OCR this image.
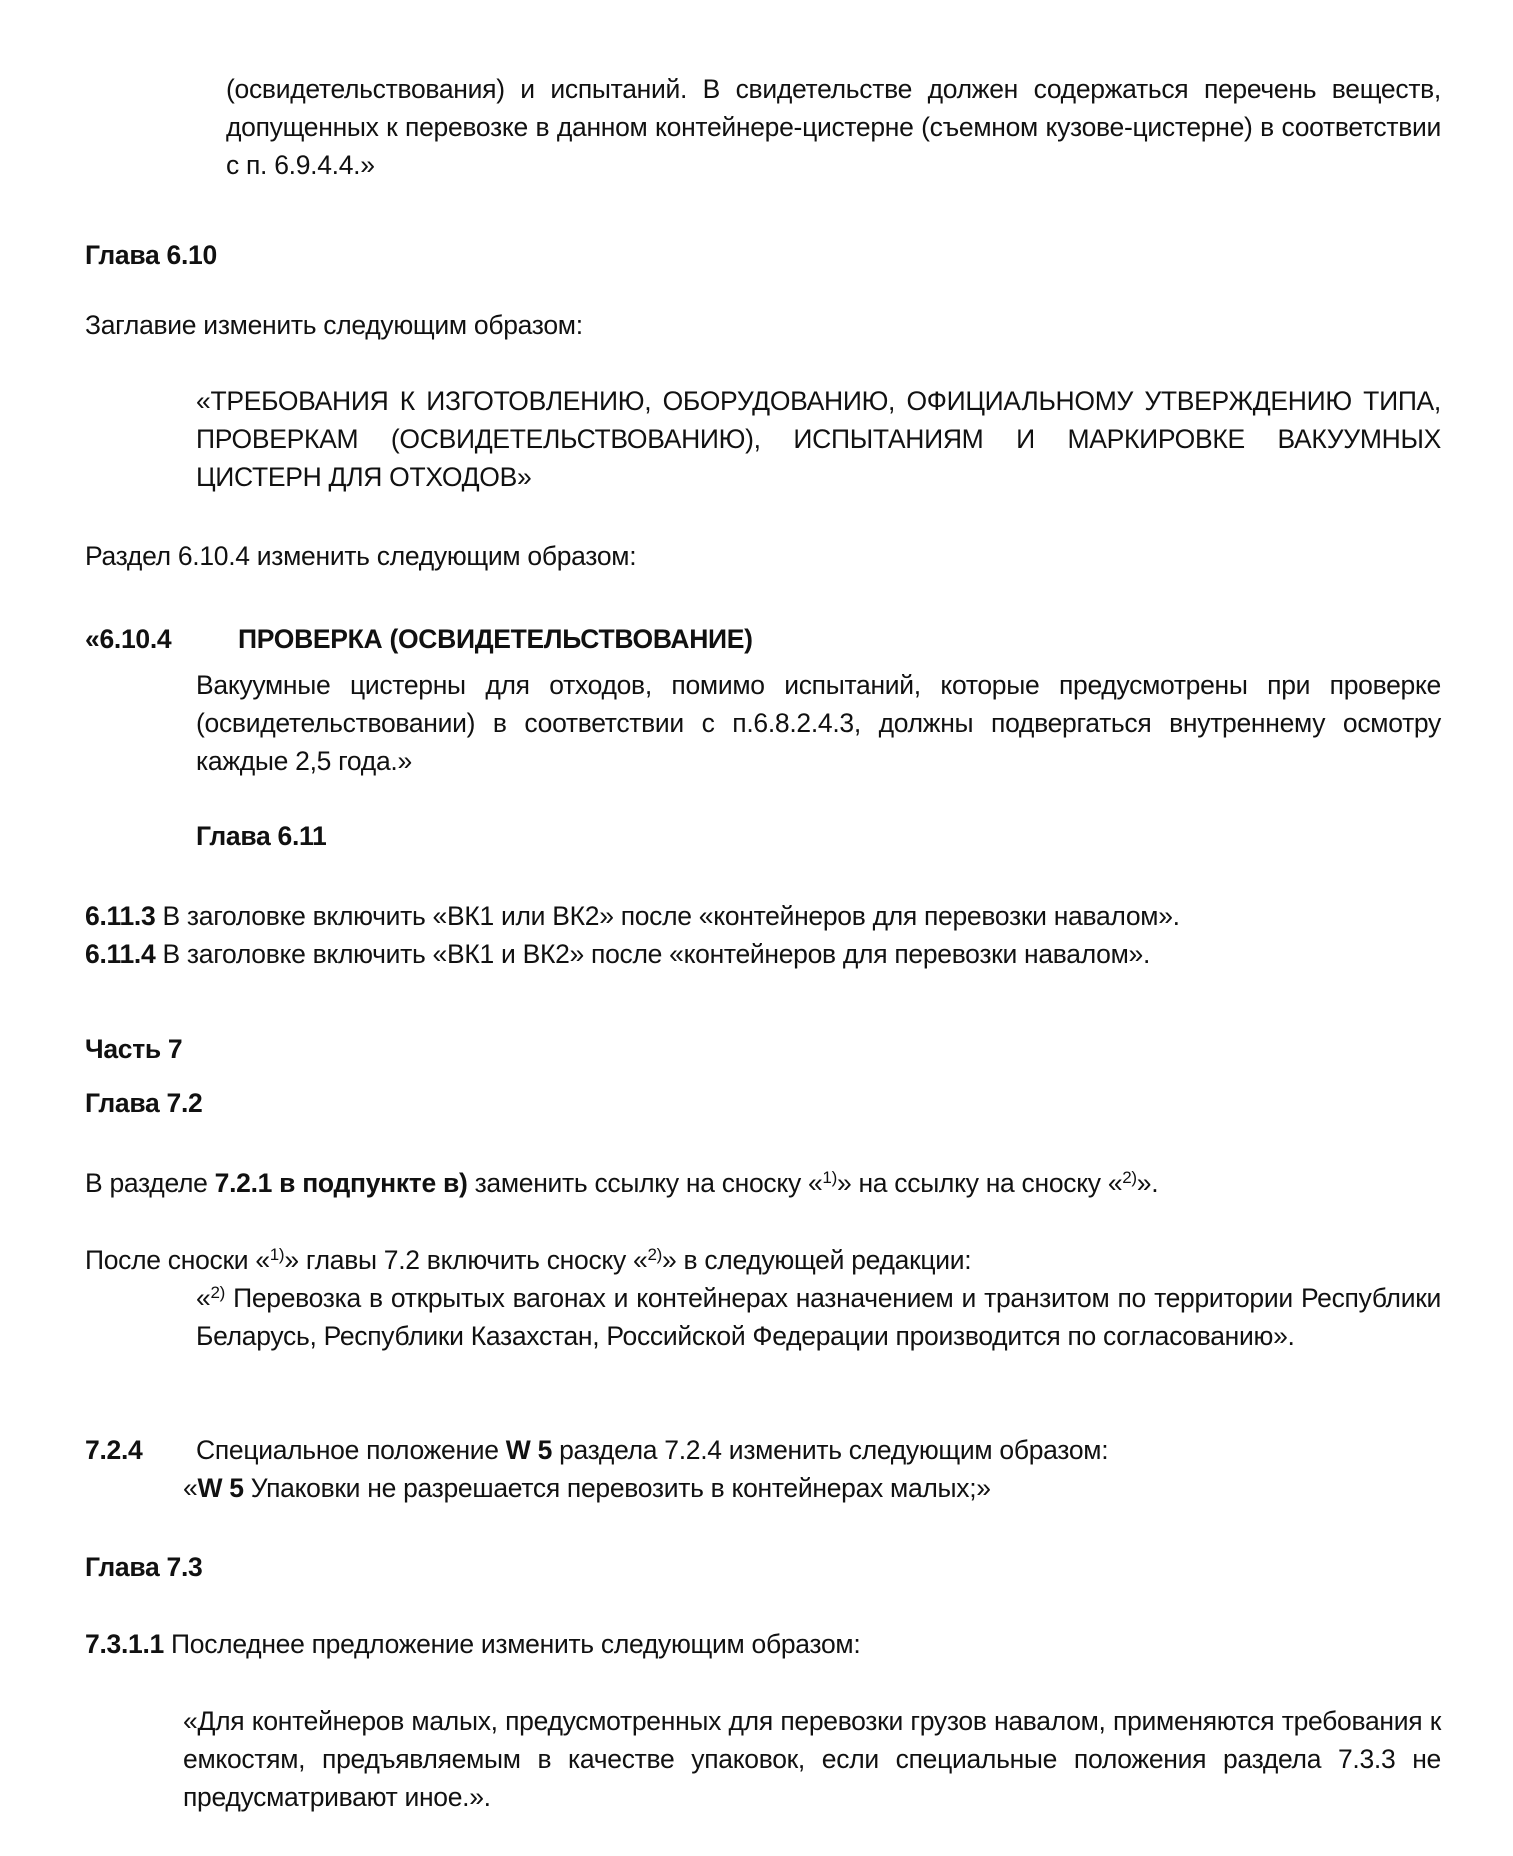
(освидетельствования) и испытаний. В свидетельстве должен содержаться перечень веществ, допущенных к перевозке в данном контейнере-цистерне (съемном кузове-цистерне) в соответствии с п. 6.9.4.4.»
Глава 6.10
Заглавие изменить следующим образом:
«ТРЕБОВАНИЯ К ИЗГОТОВЛЕНИЮ, ОБОРУДОВАНИЮ, ОФИЦИАЛЬНОМУ УТВЕРЖДЕНИЮ ТИПА, ПРОВЕРКАМ (ОСВИДЕТЕЛЬСТВОВАНИЮ), ИСПЫТАНИЯМ И МАРКИРОВКЕ ВАКУУМНЫХ ЦИСТЕРН ДЛЯ ОТХОДОВ»
Раздел 6.10.4 изменить следующим образом:
«6.10.4	ПРОВЕРКА (ОСВИДЕТЕЛЬСТВОВАНИЕ)
Вакуумные цистерны для отходов, помимо испытаний, которые предусмотрены при проверке (освидетельствовании) в соответствии с п.6.8.2.4.3, должны подвергаться внутреннему осмотру каждые 2,5 года.»
Глава 6.11
6.11.3 В заголовке включить «ВК1 или ВК2» после «контейнеров для перевозки навалом».
6.11.4 В заголовке включить «ВК1 и ВК2» после «контейнеров для перевозки навалом».
Часть 7
Глава 7.2
В разделе 7.2.1 в подпункте в) заменить ссылку на сноску «$^{1)}$» на ссылку на сноску «$^{2)}$».
После сноски «$^{1)}$» главы 7.2 включить сноску «$^{2)}$» в следующей редакции:
«$^{2)}$ Перевозка в открытых вагонах и контейнерах назначением и транзитом по территории Республики Беларусь, Республики Казахстан, Российской Федерации производится по согласованию».
7.2.4 Специальное положение W 5 раздела 7.2.4 изменить следующим образом:
«W 5 Упаковки не разрешается перевозить в контейнерах малых;»
Глава 7.3
7.3.1.1 Последнее предложение изменить следующим образом:
«Для контейнеров малых, предусмотренных для перевозки грузов навалом, применяются требования к емкостям, предъявляемым в качестве упаковок, если специальные положения раздела 7.3.3 не предусматривают иное.».
